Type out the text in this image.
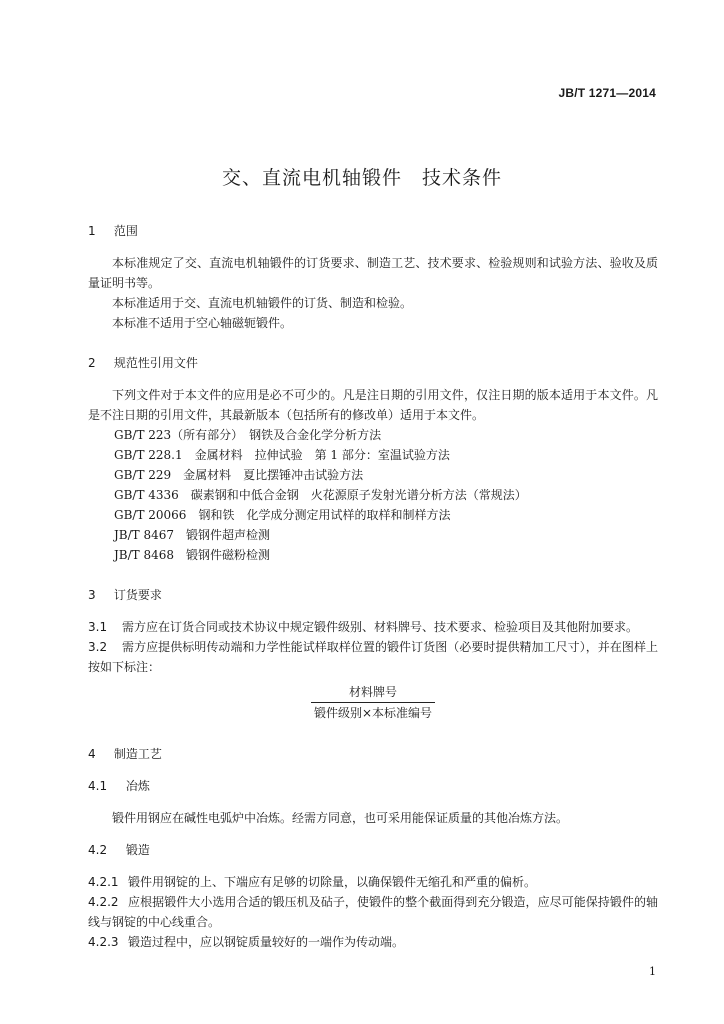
JB/T 1271—2014
交、直流电机轴锻件　技术条件
1 范围

本标准规定了交、直流电机轴锻件的订货要求、制造工艺、技术要求、检验规则和试验方法、验收及质量证明书等。

本标准适用于交、直流电机轴锻件的订货、制造和检验。

本标准不适用于空心轴磁轭锻件。

2 规范性引用文件

下列文件对于本文件的应用是必不可少的。凡是注日期的引用文件，仅注日期的版本适用于本文件。凡是不注日期的引用文件，其最新版本（包括所有的修改单）适用于本文件。

GB/T 223（所有部分）　钢铁及合金化学分析方法
GB/T 228.1　金属材料　拉伸试验　第 1 部分：室温试验方法
GB/T 229　金属材料　夏比摆锤冲击试验方法
GB/T 4336　碳素钢和中低合金钢　火花源原子发射光谱分析方法（常规法）
GB/T 20066　钢和铁　化学成分测定用试样的取样和制样方法
JB/T 8467　锻钢件超声检测
JB/T 8468　锻钢件磁粉检测
3 订货要求

3.1 需方应在订货合同或技术协议中规定锻件级别、材料牌号、技术要求、检验项目及其他附加要求。

3.2 需方应提供标明传动端和力学性能试样取样位置的锻件订货图（必要时提供精加工尺寸），并在图样上按如下标注：

材料牌号
锻件级别×本标准编号
4 制造工艺
4.1 冶炼

锻件用钢应在碱性电弧炉中冶炼。经需方同意，也可采用能保证质量的其他冶炼方法。

4.2 锻造

4.2.1 锻件用钢锭的上、下端应有足够的切除量，以确保锻件无缩孔和严重的偏析。

4.2.2 应根据锻件大小选用合适的锻压机及砧子，使锻件的整个截面得到充分锻造，应尽可能保持锻件的轴线与钢锭的中心线重合。

4.2.3 锻造过程中，应以钢锭质量较好的一端作为传动端。

1
